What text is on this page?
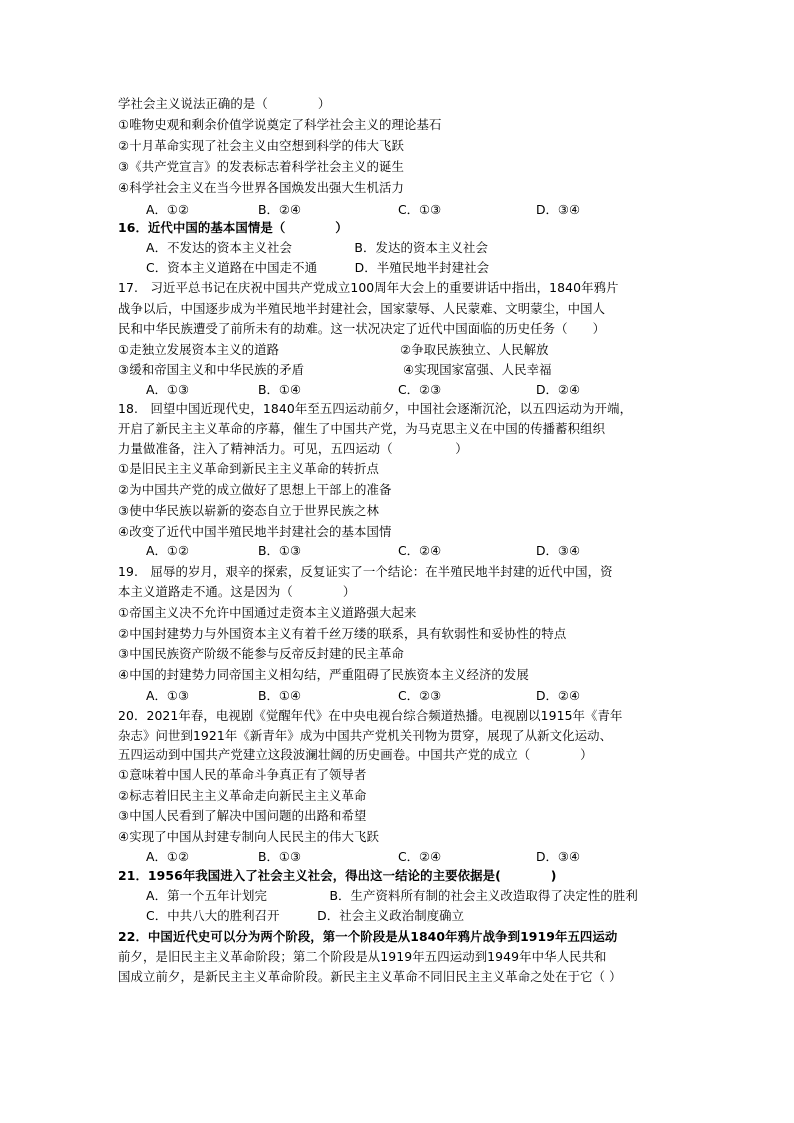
学社会主义说法正确的是（　　　　）
①唯物史观和剩余价值学说奠定了科学社会主义的理论基石
②十月革命实现了社会主义由空想到科学的伟大飞跃
③《共产党宣言》的发表标志着科学社会主义的诞生
④科学社会主义在当今世界各国焕发出强大生机活力
A．①②	B．②④	C．①③	D．③④
16．近代中国的基本国情是（　　　　）
A．不发达的资本主义社会　　　　　B．发达的资本主义社会
C．资本主义道路在中国走不通　　　D．半殖民地半封建社会
17.　习近平总书记在庆祝中国共产党成立100周年大会上的重要讲话中指出，1840年鸦片
战争以后，中国逐步成为半殖民地半封建社会，国家蒙辱、人民蒙难、文明蒙尘，中国人
民和中华民族遭受了前所未有的劫难。这一状况决定了近代中国面临的历史任务（　　）
①走独立发展资本主义的道路	②争取民族独立、人民解放
③缓和帝国主义和中华民族的矛盾	④实现国家富强、人民幸福
A．①③	B．①④	C．②③	D．②④
18.　回望中国近现代史，1840年至五四运动前夕，中国社会逐渐沉沦，以五四运动为开端，
开启了新民主主义革命的序幕，催生了中国共产党，为马克思主义在中国的传播蓄积组织
力量做准备，注入了精神活力。可见，五四运动（　　　　　）
①是旧民主主义革命到新民主主义革命的转折点
②为中国共产党的成立做好了思想上干部上的准备
③使中华民族以崭新的姿态自立于世界民族之林
④改变了近代中国半殖民地半封建社会的基本国情
A．①②	B．①③	C．②④	D．③④
19.　屈辱的岁月，艰辛的探索，反复证实了一个结论：在半殖民地半封建的近代中国，资
本主义道路走不通。这是因为（　　　　）
①帝国主义决不允许中国通过走资本主义道路强大起来
②中国封建势力与外国资本主义有着千丝万缕的联系，具有软弱性和妥协性的特点
③中国民族资产阶级不能参与反帝反封建的民主革命
④中国的封建势力同帝国主义相勾结，严重阻碍了民族资本主义经济的发展
A．①③	B．①④	C．②③	D．②④
20．2021年春，电视剧《觉醒年代》在中央电视台综合频道热播。电视剧以1915年《青年
杂志》问世到1921年《新青年》成为中国共产党机关刊物为贯穿，展现了从新文化运动、
五四运动到中国共产党建立这段波澜壮阔的历史画卷。中国共产党的成立（　　　　）
①意味着中国人民的革命斗争真正有了领导者
②标志着旧民主主义革命走向新民主主义革命
③中国人民看到了解决中国问题的出路和希望
④实现了中国从封建专制向人民民主的伟大飞跃
A．①②	B．①③	C．②④	D．③④
21．1956年我国进入了社会主义社会，得出这一结论的主要依据是(　　　　)
A．第一个五年计划完　　　　　B．生产资料所有制的社会主义改造取得了决定性的胜利
C．中共八大的胜利召开　　　D．社会主义政治制度确立
22．中国近代史可以分为两个阶段，第一个阶段是从1840年鸦片战争到1919年五四运动
前夕，是旧民主主义革命阶段；第二个阶段是从1919年五四运动到1949年中华人民共和
国成立前夕，是新民主主义革命阶段。新民主主义革命不同旧民主主义革命之处在于它（ ）
